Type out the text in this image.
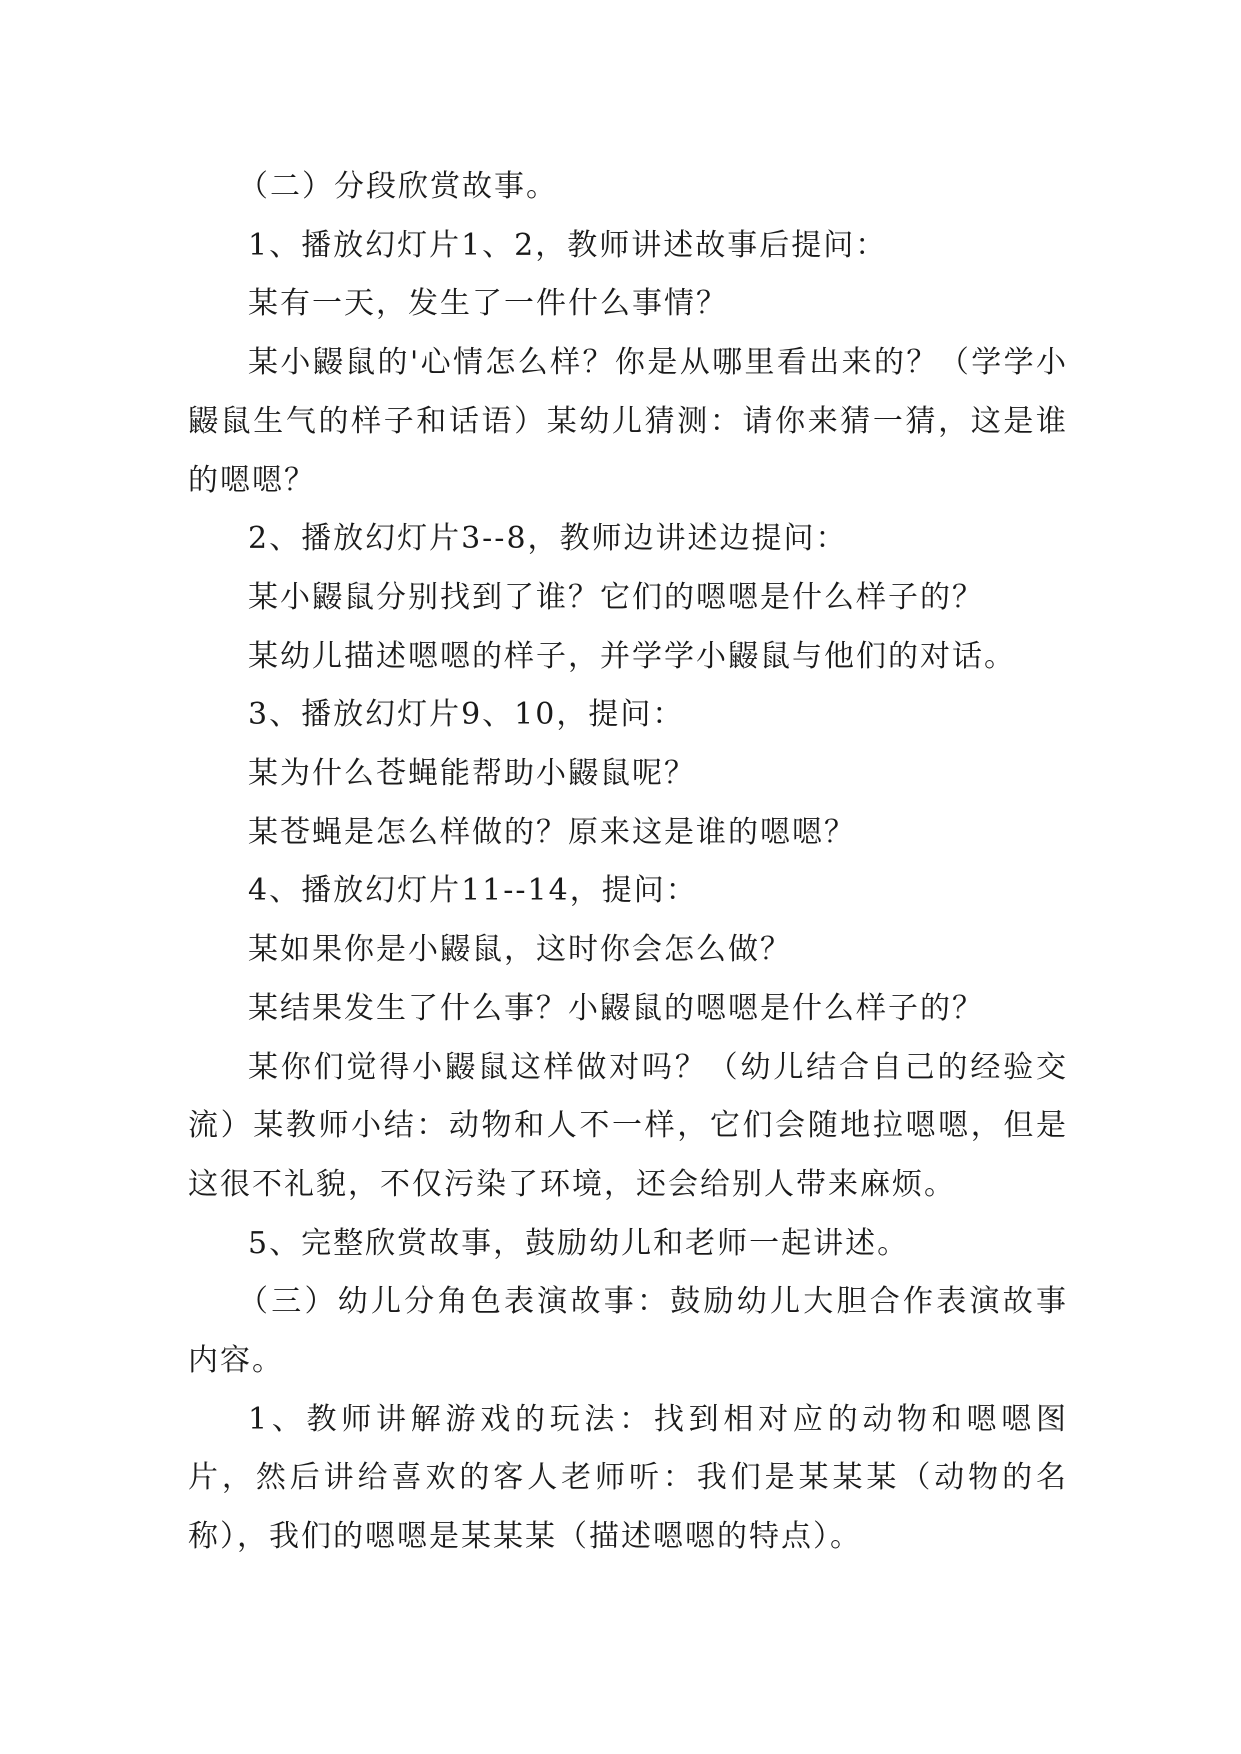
（二）分段欣赏故事。

1、播放幻灯片1、2，教师讲述故事后提问：

某有一天，发生了一件什么事情？

某小鼹鼠的'心情怎么样？你是从哪里看出来的？（学学小鼹鼠生气的样子和话语）某幼儿猜测：请你来猜一猜，这是谁的嗯嗯？

2、播放幻灯片3--8，教师边讲述边提问：

某小鼹鼠分别找到了谁？它们的嗯嗯是什么样子的？

某幼儿描述嗯嗯的样子，并学学小鼹鼠与他们的对话。

3、播放幻灯片9、10，提问：

某为什么苍蝇能帮助小鼹鼠呢？

某苍蝇是怎么样做的？原来这是谁的嗯嗯？

4、播放幻灯片11--14，提问：

某如果你是小鼹鼠，这时你会怎么做？

某结果发生了什么事？小鼹鼠的嗯嗯是什么样子的？

某你们觉得小鼹鼠这样做对吗？（幼儿结合自己的经验交流）某教师小结：动物和人不一样，它们会随地拉嗯嗯，但是这很不礼貌，不仅污染了环境，还会给别人带来麻烦。

5、完整欣赏故事，鼓励幼儿和老师一起讲述。

（三）幼儿分角色表演故事：鼓励幼儿大胆合作表演故事内容。

1、教师讲解游戏的玩法：找到相对应的动物和嗯嗯图片，然后讲给喜欢的客人老师听：我们是某某某（动物的名称），我们的嗯嗯是某某某（描述嗯嗯的特点）。
